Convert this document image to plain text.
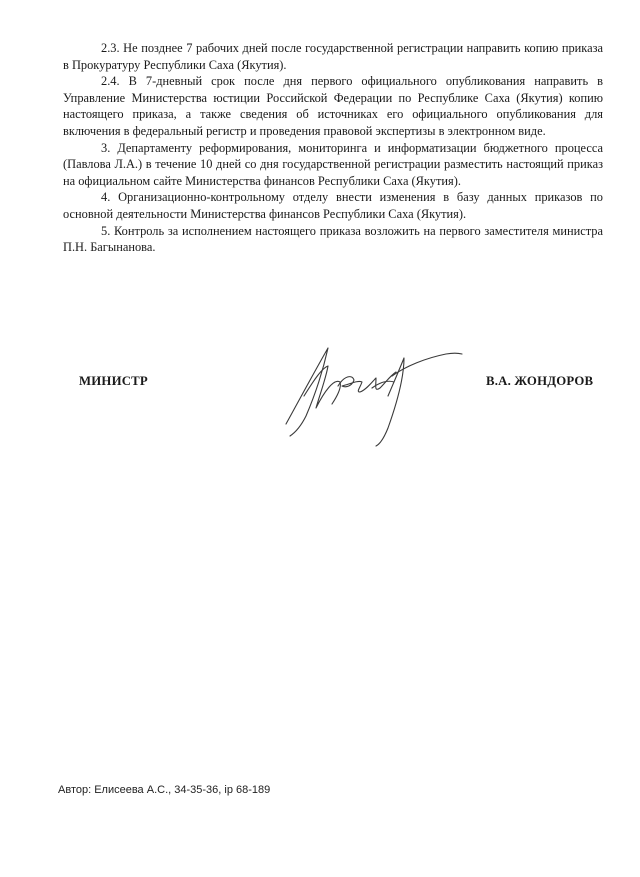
2.3. Не позднее 7 рабочих дней после государственной регистрации направить копию приказа в Прокуратуру Республики Саха (Якутия).

2.4. В 7-дневный срок после дня первого официального опубликования направить в Управление Министерства юстиции Российской Федерации по Республике Саха (Якутия) копию настоящего приказа, а также сведения об источниках его официального опубликования для включения в федеральный регистр и проведения правовой экспертизы в электронном виде.

3. Департаменту реформирования, мониторинга и информатизации бюджетного процесса (Павлова Л.А.) в течение 10 дней со дня государственной регистрации разместить настоящий приказ на официальном сайте Министерства финансов Республики Саха (Якутия).

4. Организационно-контрольному отделу внести изменения в базу данных приказов по основной деятельности Министерства финансов Республики Саха (Якутия).

5. Контроль за исполнением настоящего приказа возложить на первого заместителя министра П.Н. Багынанова.

МИНИСТР	В.А. ЖОНДОРОВ
Автор: Елисеева А.С., 34-35-36, ip 68-189
